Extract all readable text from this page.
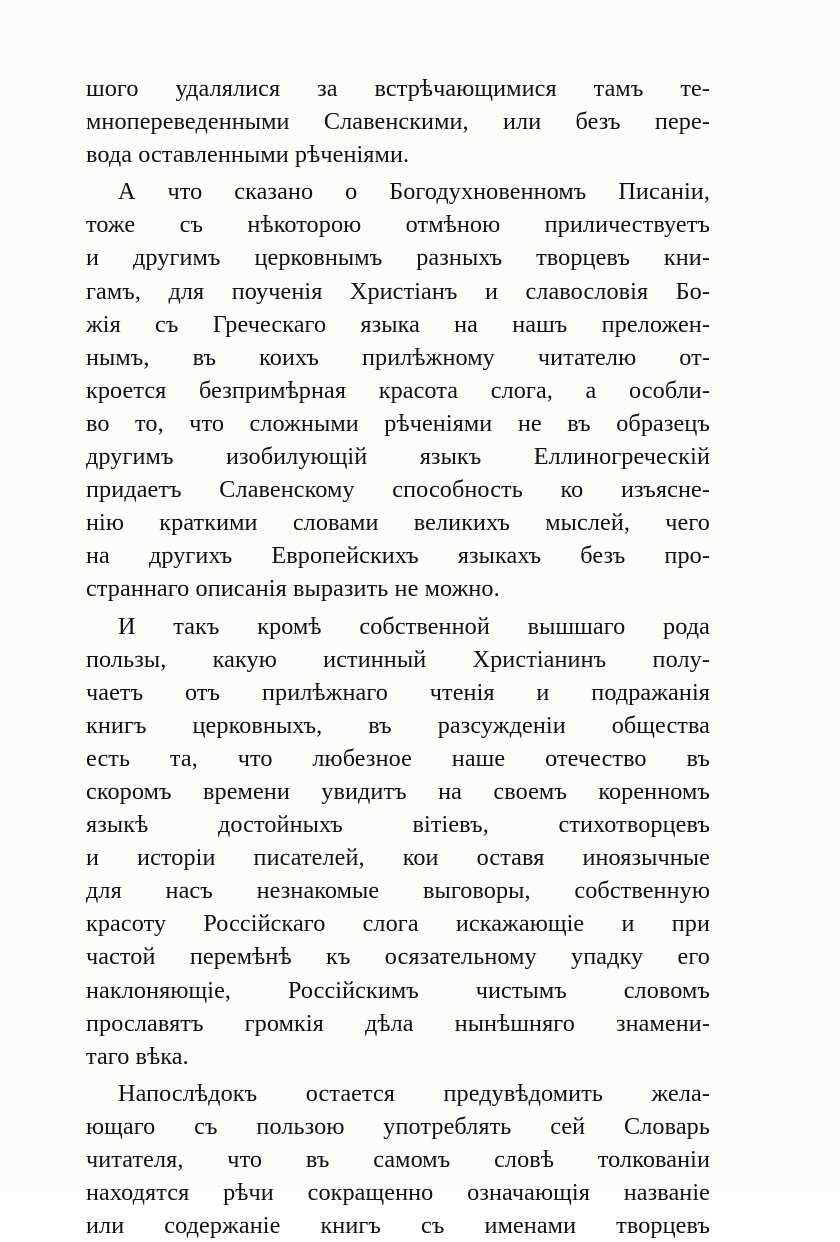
шого удалялися за встрѣчающимися тамъ те-
мнопереведенными Славенскими, или безъ пере-
вода оставленными рѣченіями.

А что сказано о Богодухновенномъ Писаніи,
тоже съ нѣкоторою отмѣною приличествуетъ
и другимъ церковнымъ разныхъ творцевъ кни-
гамъ, для поученія Христіанъ и славословія Бо-
жія съ Греческаго языка на нашъ преложен-
нымъ, въ коихъ прилѣжному читателю от-
кроется безпримѣрная красота слога, а особли-
во то, что сложными рѣченіями не въ образецъ
другимъ изобилующій языкъ Еллиногреческій
придаетъ Славенскому способность ко изъясне-
нію краткими словами великихъ мыслей, чего
на другихъ Европейскихъ языкахъ безъ про-
страннаго описанія выразить не можно.

И такъ кромѣ собственной вышшаго рода
пользы, какую истинный Христіанинъ полу-
чаетъ отъ прилѣжнаго чтенія и подражанія
книгъ церковныхъ, въ разсужденіи общества
есть та, что любезное наше отечество въ
скоромъ времени увидитъ на своемъ коренномъ
языкѣ достойныхъ вітіевъ, стихотворцевъ
и исторіи писателей, кои оставя иноязычные
для насъ незнакомые выговоры, собственную
красоту Россійскаго слога искажающіе и при
частой перемѣнѣ къ осязательному упадку его
наклоняющіе, Россійскимъ чистымъ словомъ
прославятъ громкія дѣла нынѣшняго знамени-
таго вѣка.

Напослѣдокъ остается предувѣдомить жела-
ющаго съ пользою употреблять сей Словарь
читателя, что въ самомъ словѣ толкованіи
находятся рѣчи сокращенно означающія названіе
или содержаніе книгъ съ именами творцевъ
